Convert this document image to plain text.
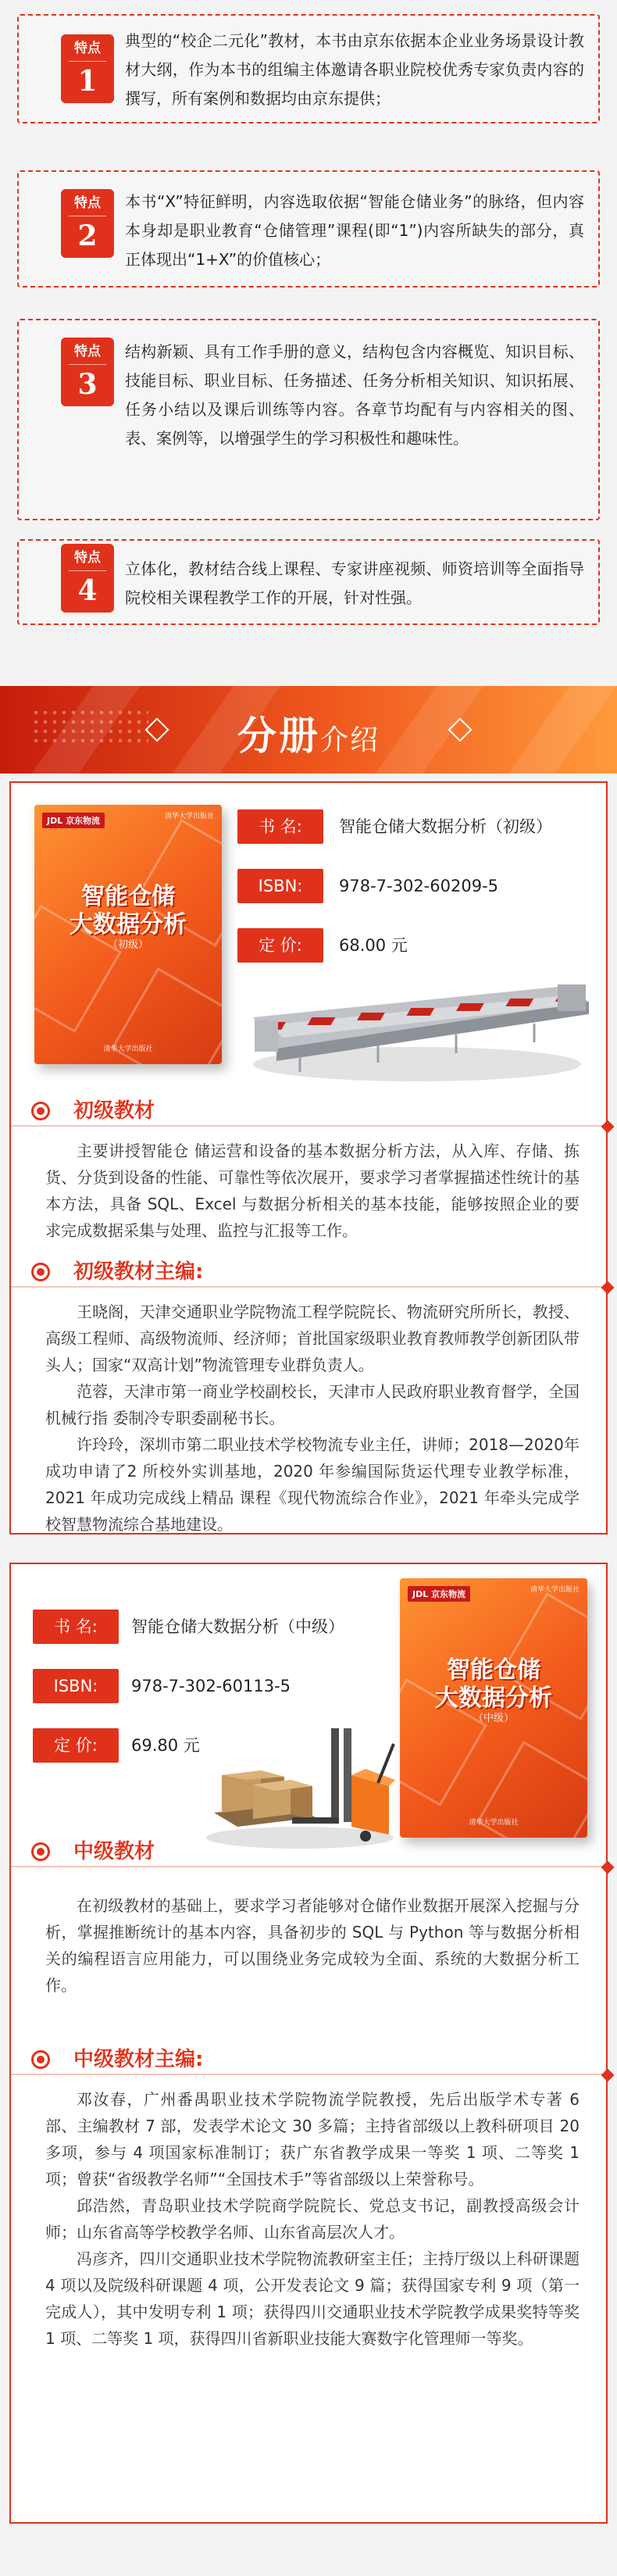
特点
1
典型的“校企二元化”教材，本书由京东依据本企业业务场景设计教材大纲，作为本书的组编主体邀请各职业院校优秀专家负责内容的撰写，所有案例和数据均由京东提供；
特点
2
本书“X”特征鲜明，内容选取依据“智能仓储业务”的脉络，但内容本身却是职业教育“仓储管理”课程(即“1”)内容所缺失的部分，真正体现出“1+X”的价值核心；
特点
3
结构新颖、具有工作手册的意义，结构包含内容概览、知识目标、技能目标、职业目标、任务描述、任务分析相关知识、知识拓展、任务小结以及课后训练等内容。各章节均配有与内容相关的图、表、案例等，以增强学生的学习积极性和趣味性。
特点
4
立体化，教材结合线上课程、专家讲座视频、师资培训等全面指导院校相关课程教学工作的开展，针对性强。
分册介绍
JDL 京东物流	清华大学出版社
智能仓储
大数据分析
（初级）
清华大学出版社
书 名:	智能仓储大数据分析（初级）
ISBN:	978-7-302-60209-5
定 价:	68.00 元
初级教材

主要讲授智能仓 储运营和设备的基本数据分析方法，从入库、存储、拣货、分货到设备的性能、可靠性等依次展开，要求学习者掌握描述性统计的基本方法，具备 SQL、Excel 与数据分析相关的基本技能，能够按照企业的要求完成数据采集与处理、监控与汇报等工作。

初级教材主编:

王晓阁，天津交通职业学院物流工程学院院长、物流研究所所长，教授、高级工程师、高级物流师、经济师；首批国家级职业教育教师教学创新团队带头人；国家“双高计划”物流管理专业群负责人。

范蓉，天津市第一商业学校副校长，天津市人民政府职业教育督学，全国机械行指 委制冷专职委副秘书长。

许玲玲，深圳市第二职业技术学校物流专业主任，讲师；2018—2020年成功申请了2 所校外实训基地，2020 年参编国际货运代理专业教学标准，2021 年成功完成线上精品 课程《现代物流综合作业》，2021 年牵头完成学校智慧物流综合基地建设。

书 名:	智能仓储大数据分析（中级）
ISBN:	978-7-302-60113-5
定 价:	69.80 元
JDL 京东物流	清华大学出版社
智能仓储
大数据分析
（中级）
清华大学出版社
中级教材

在初级教材的基础上，要求学习者能够对仓储作业数据开展深入挖掘与分析，掌握推断统计的基本内容，具备初步的 SQL 与 Python 等与数据分析相关的编程语言应用能力，可以围绕业务完成较为全面、系统的大数据分析工作。

中级教材主编:

邓汝春，广州番禺职业技术学院物流学院教授，先后出版学术专著 6 部、主编教材 7 部，发表学术论文 30 多篇；主持省部级以上教科研项目 20 多项，参与 4 项国家标准制订；获广东省教学成果一等奖 1 项、二等奖 1 项；曾获“省级教学名师”“全国技术手”等省部级以上荣誉称号。

邱浩然，青岛职业技术学院商学院院长、党总支书记，副教授高级会计师；山东省高等学校教学名师、山东省高层次人才。

冯彦齐，四川交通职业技术学院物流教研室主任；主持厅级以上科研课题 4 项以及院级科研课题 4 项，公开发表论文 9 篇；获得国家专利 9 项（第一完成人），其中发明专利 1 项；获得四川交通职业技术学院教学成果奖特等奖 1 项、二等奖 1 项，获得四川省新职业技能大赛数字化管理师一等奖。
